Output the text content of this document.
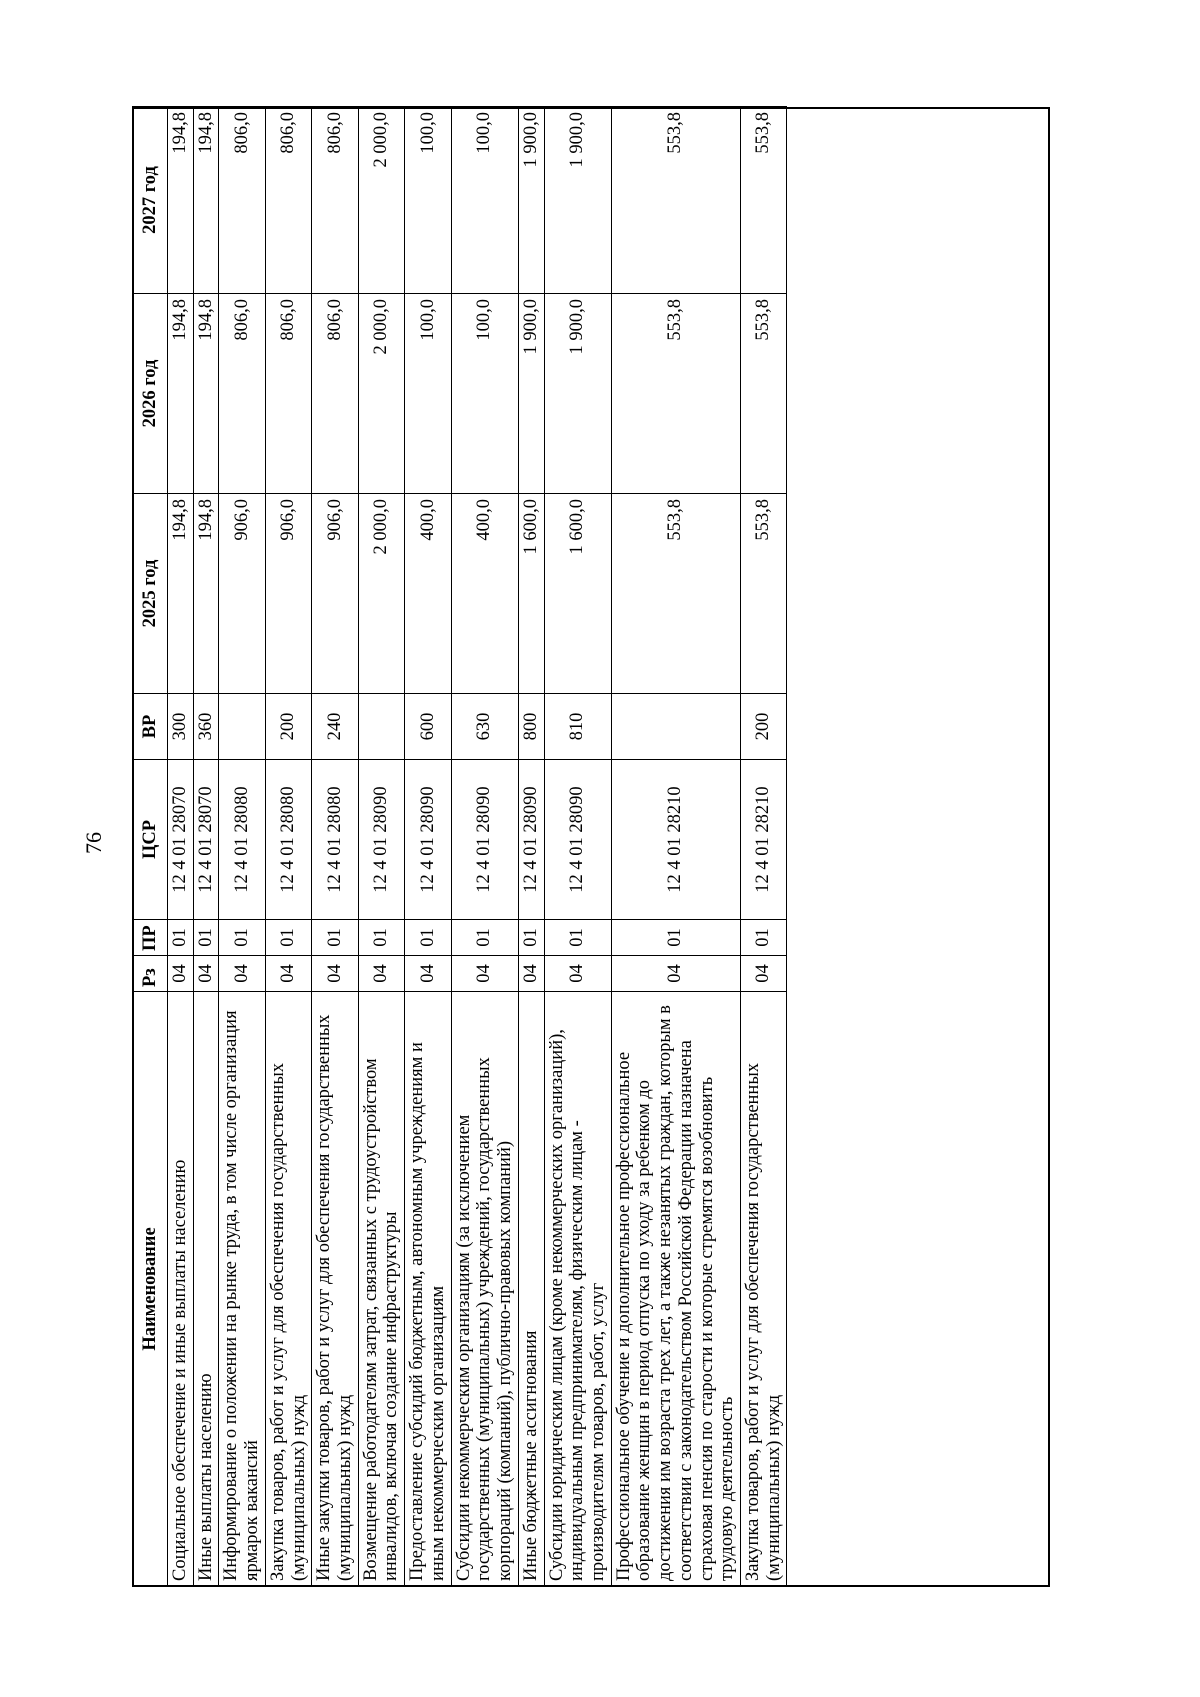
76
Наименование	Рз	ПР	ЦСР	ВР	2025 год	2026 год	2027 год
Социальное обеспечение и иные выплаты населению	04	01	12 4 01 28070	300	194,8	194,8	194,8
Иные выплаты населению	04	01	12 4 01 28070	360	194,8	194,8	194,8
Информирование о положении на рынке труда, в том числе организация ярмарок вакансий	04	01	12 4 01 28080		906,0	806,0	806,0
Закупка товаров, работ и услуг для обеспечения государственных (муниципальных) нужд	04	01	12 4 01 28080	200	906,0	806,0	806,0
Иные закупки товаров, работ и услуг для обеспечения государственных (муниципальных) нужд	04	01	12 4 01 28080	240	906,0	806,0	806,0
Возмещение работодателям затрат, связанных с трудоустройством инвалидов, включая создание инфраструктуры	04	01	12 4 01 28090		2 000,0	2 000,0	2 000,0
Предоставление субсидий бюджетным, автономным учреждениям и иным некоммерческим организациям	04	01	12 4 01 28090	600	400,0	100,0	100,0
Субсидии некоммерческим организациям (за исключением государственных (муниципальных) учреждений, государственных корпораций (компаний), публично-правовых компаний)	04	01	12 4 01 28090	630	400,0	100,0	100,0
Иные бюджетные ассигнования	04	01	12 4 01 28090	800	1 600,0	1 900,0	1 900,0
Субсидии юридическим лицам (кроме некоммерческих организаций), индивидуальным предпринимателям, физическим лицам - производителям товаров, работ, услуг	04	01	12 4 01 28090	810	1 600,0	1 900,0	1 900,0
Профессиональное обучение и дополнительное профессиональное образование женщин в период отпуска по уходу за ребенком до достижения им возраста трех лет, а также незанятых граждан, которым в соответствии с законодательством Российской Федерации назначена страховая пенсия по старости и которые стремятся возобновить трудовую деятельность	04	01	12 4 01 28210		553,8	553,8	553,8
Закупка товаров, работ и услуг для обеспечения государственных (муниципальных) нужд	04	01	12 4 01 28210	200	553,8	553,8	553,8
